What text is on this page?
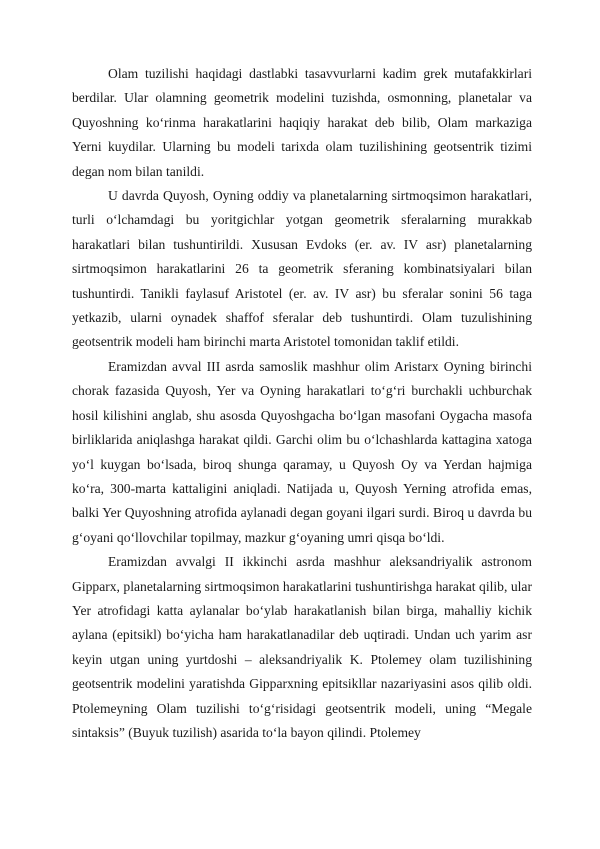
Olam tuzilishi haqidagi dastlabki tasavvurlarni kadim grek mutafakkirlari berdilar. Ular olamning geometrik modelini tuzishda, osmonning, planetalar va Quyoshning ko‘rinma harakatlarini haqiqiy harakat deb bilib, Olam markaziga Yerni kuydilar. Ularning bu modeli tarixda olam tuzilishining geotsentrik tizimi degan nom bilan tanildi.

U davrda Quyosh, Oyning oddiy va planetalarning sirtmoqsimon harakatlari, turli o‘lchamdagi bu yoritgichlar yotgan geometrik sferalarning murakkab harakatlari bilan tushuntirildi. Xususan Evdoks (er. av. IV asr) planetalarning sirtmoqsimon harakatlarini 26 ta geometrik sferaning kombinatsiyalari bilan tushuntirdi. Tanikli faylasuf Aristotel (er. av. IV asr) bu sferalar sonini 56 taga yetkazib, ularni oynadek shaffof sferalar deb tushuntirdi. Olam tuzulishining geotsentrik modeli ham birinchi marta Aristotel tomonidan taklif etildi.

Eramizdan avval III asrda samoslik mashhur olim Aristarx Oyning birinchi chorak fazasida Quyosh, Yer va Oyning harakatlari to‘g‘ri burchakli uchburchak hosil kilishini anglab, shu asosda Quyoshgacha bo‘lgan masofani Oygacha masofa birliklarida aniqlashga harakat qildi. Garchi olim bu o‘lchashlarda kattagina xatoga yo‘l kuygan bo‘lsada, biroq shunga qaramay, u Quyosh Oy va Yerdan hajmiga ko‘ra, 300-marta kattaligini aniqladi. Natijada u, Quyosh Yerning atrofida emas, balki Yer Quyoshning atrofida aylanadi degan goyani ilgari surdi. Biroq u davrda bu g‘oyani qo‘llovchilar topilmay, mazkur g‘oyaning umri qisqa bo‘ldi.

Eramizdan avvalgi II ikkinchi asrda mashhur aleksandriyalik astronom Gipparx, planetalarning sirtmoqsimon harakatlarini tushuntirishga harakat qilib, ular Yer atrofidagi katta aylanalar bo‘ylab harakatlanish bilan birga, mahalliy kichik aylana (epitsikl) bo‘yicha ham harakatlanadilar deb uqtiradi. Undan uch yarim asr keyin utgan uning yurtdoshi – aleksandriyalik K. Ptolemey olam tuzilishining geotsentrik modelini yaratishda Gipparxning epitsikllar nazariyasini asos qilib oldi. Ptolemeyning Olam tuzilishi to‘g‘risidagi geotsentrik modeli, uning “Megale sintaksis” (Buyuk tuzilish) asarida to‘la bayon qilindi. Ptolemey
